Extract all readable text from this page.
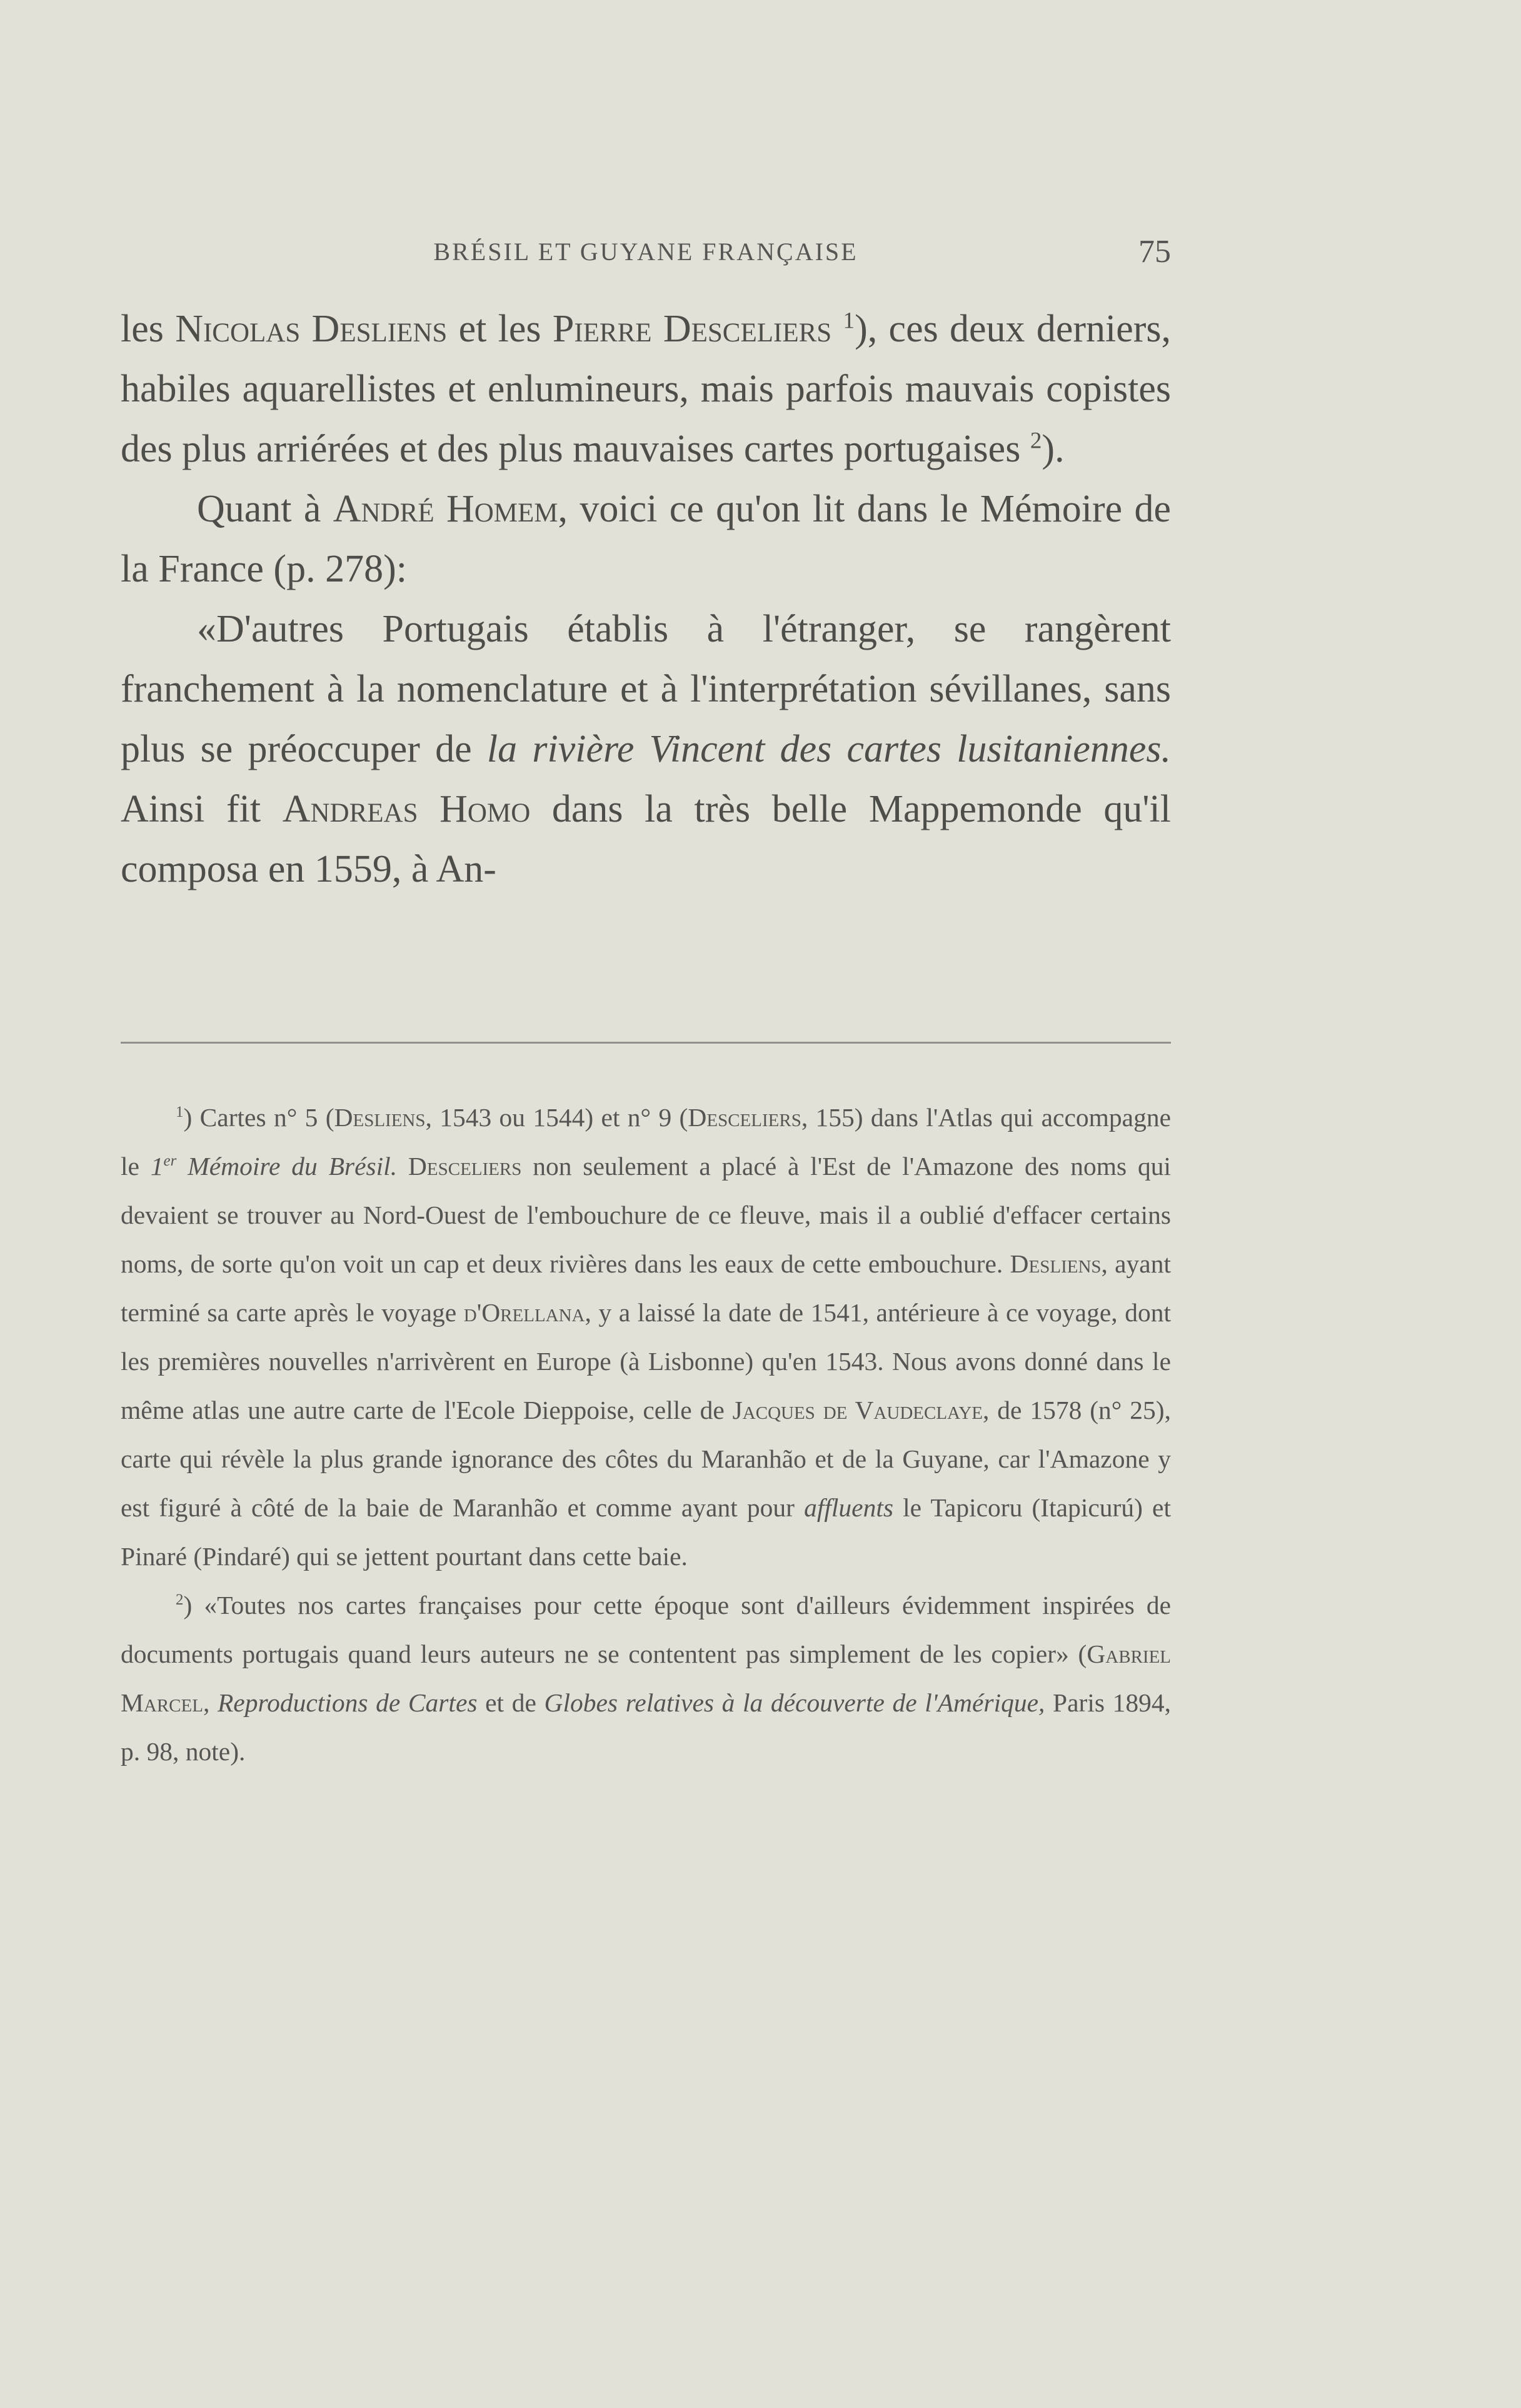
BRÉSIL ET GUYANE FRANÇAISE	75

les Nicolas Desliens et les Pierre Desceliers $^1$), ces deux derniers, habiles aquarellistes et enlumineurs, mais parfois mauvais copistes des plus arriérées et des plus mauvaises cartes portugaises $^2$).

Quant à André Homem, voici ce qu'on lit dans le Mémoire de la France (p. 278):

«D'autres Portugais établis à l'étranger, se rangèrent franchement à la nomenclature et à l'interprétation sévillanes, sans plus se préoccuper de la rivière Vincent des cartes lusitaniennes. Ainsi fit Andreas Homo dans la très belle Mappemonde qu'il composa en 1559, à An-

$^1$) Cartes n° 5 (Desliens, 1543 ou 1544) et n° 9 (Desceliers, 155) dans l'Atlas qui accompagne le 1er Mémoire du Brésil. Desceliers non seulement a placé à l'Est de l'Amazone des noms qui devaient se trouver au Nord-Ouest de l'embouchure de ce fleuve, mais il a oublié d'effacer certains noms, de sorte qu'on voit un cap et deux rivières dans les eaux de cette embouchure. Desliens, ayant terminé sa carte après le voyage d'Orellana, y a laissé la date de 1541, antérieure à ce voyage, dont les premières nouvelles n'arrivèrent en Europe (à Lisbonne) qu'en 1543. Nous avons donné dans le même atlas une autre carte de l'Ecole Dieppoise, celle de Jacques de Vaudeclaye, de 1578 (n° 25), carte qui révèle la plus grande ignorance des côtes du Maranhão et de la Guyane, car l'Amazone y est figuré à côté de la baie de Maranhão et comme ayant pour affluents le Tapicoru (Itapicurú) et Pinaré (Pindaré) qui se jettent pourtant dans cette baie.

$^2$) «Toutes nos cartes françaises pour cette époque sont d'ailleurs évidemment inspirées de documents portugais quand leurs auteurs ne se contentent pas simplement de les copier» (Gabriel Marcel, Reproductions de Cartes et de Globes relatives à la découverte de l'Amérique, Paris 1894, p. 98, note).
